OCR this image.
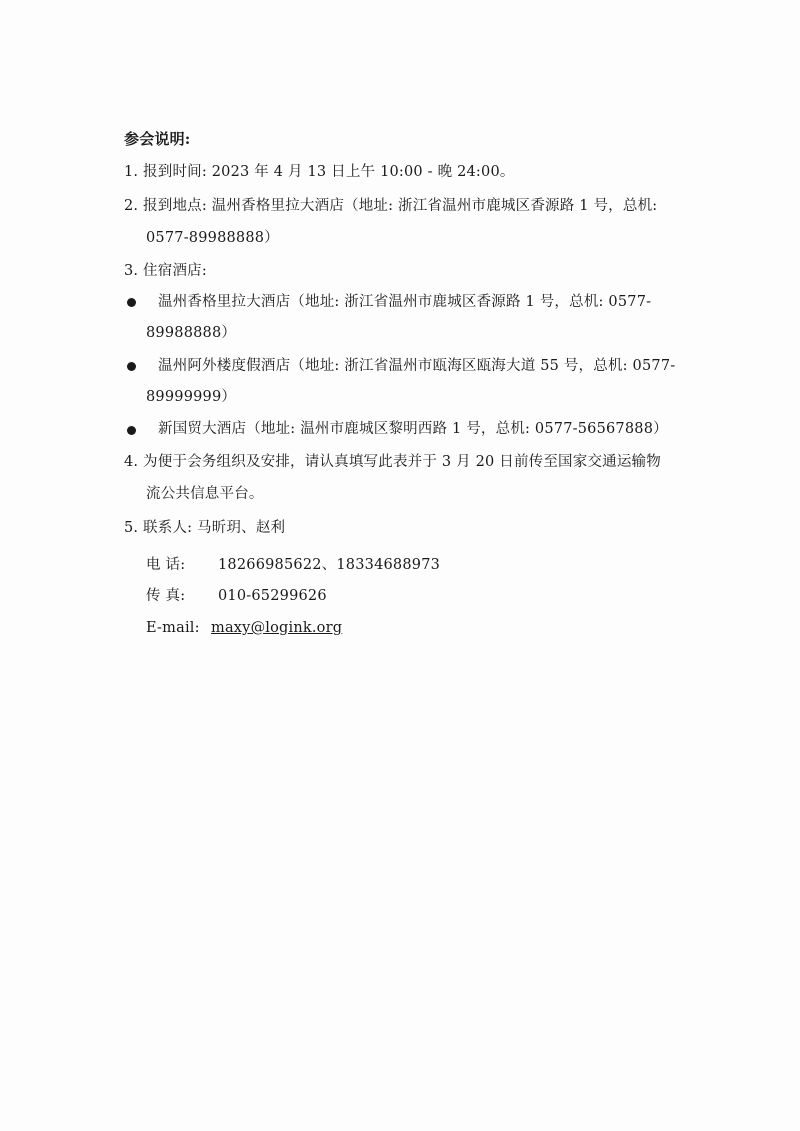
参会说明:
1. 报到时间: 2023 年 4 月 13 日上午 10:00 - 晚 24:00。
2. 报到地点: 温州香格里拉大酒店（地址: 浙江省温州市鹿城区香源路 1 号，总机:
0577-89988888）
3. 住宿酒店:
温州香格里拉大酒店（地址: 浙江省温州市鹿城区香源路 1 号，总机: 0577-
89988888）
温州阿外楼度假酒店（地址: 浙江省温州市瓯海区瓯海大道 55 号，总机: 0577-
89999999）
新国贸大酒店（地址: 温州市鹿城区黎明西路 1 号，总机: 0577-56567888）
4. 为便于会务组织及安排，请认真填写此表并于 3 月 20 日前传至国家交通运输物
流公共信息平台。
5. 联系人: 马昕玥、赵利
电 话: 18266985622、18334688973
传 真: 010-65299626
E-mail: maxy@logink.org
